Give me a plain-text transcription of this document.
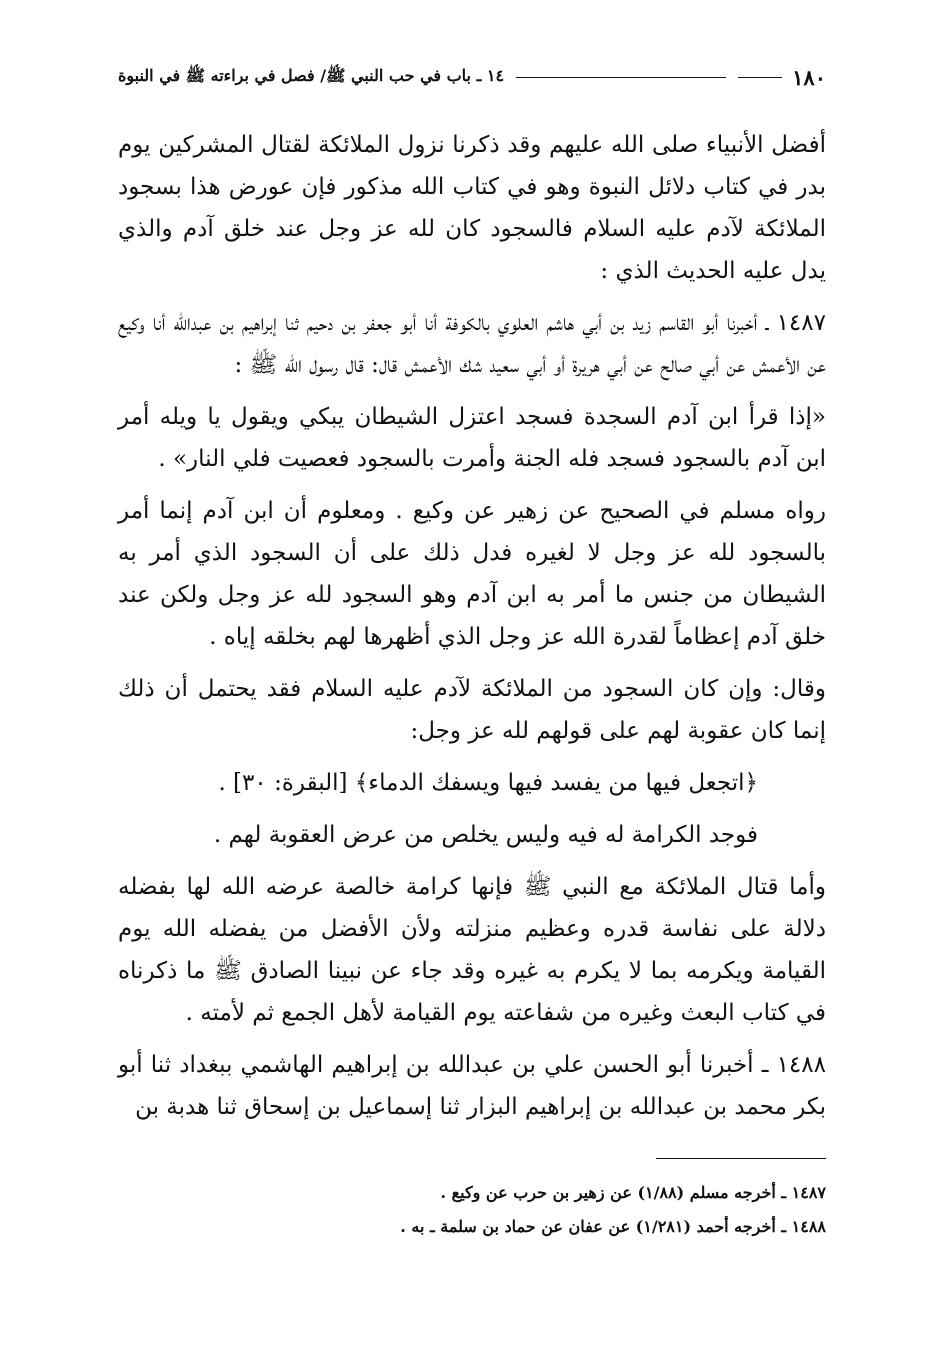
١٨٠
١٤ ـ باب في حب النبي ﷺ/ فصل في براءته ﷺ في النبوة

أفضل الأنبياء صلى الله عليهم وقد ذكرنا نزول الملائكة لقتال المشركين يوم بدر في كتاب دلائل النبوة وهو في كتاب الله مذكور فإن عورض هذا بسجود الملائكة لآدم عليه السلام فالسجود كان لله عز وجل عند خلق آدم والذي يدل عليه الحديث الذي :

١٤٨٧ ـ أخبرنا أبو القاسم زيد بن أبي هاشم العلوي بالكوفة أنا أبو جعفر بن دحيم ثنا إبراهيم بن عبدالله أنا وكيع عن الأعمش عن أبي صالح عن أبي هريرة أو أبي سعيد شك الأعمش قال: قال رسول الله ﷺ :

«إذا قرأ ابن آدم السجدة فسجد اعتزل الشيطان يبكي ويقول يا ويله أمر ابن آدم بالسجود فسجد فله الجنة وأمرت بالسجود فعصيت فلي النار» .

رواه مسلم في الصحيح عن زهير عن وكيع . ومعلوم أن ابن آدم إنما أمر بالسجود لله عز وجل لا لغيره فدل ذلك على أن السجود الذي أمر به الشيطان من جنس ما أمر به ابن آدم وهو السجود لله عز وجل ولكن عند خلق آدم إعظاماً لقدرة الله عز وجل الذي أظهرها لهم بخلقه إياه .

وقال: وإن كان السجود من الملائكة لآدم عليه السلام فقد يحتمل أن ذلك إنما كان عقوبة لهم على قولهم لله عز وجل:

﴿اتجعل فيها من يفسد فيها ويسفك الدماء﴾ [البقرة: ٣٠] .

فوجد الكرامة له فيه وليس يخلص من عرض العقوبة لهم .

وأما قتال الملائكة مع النبي ﷺ فإنها كرامة خالصة عرضه الله لها بفضله دلالة على نفاسة قدره وعظيم منزلته ولأن الأفضل من يفضله الله يوم القيامة ويكرمه بما لا يكرم به غيره وقد جاء عن نبينا الصادق ﷺ ما ذكرناه في كتاب البعث وغيره من شفاعته يوم القيامة لأهل الجمع ثم لأمته .

١٤٨٨ ـ أخبرنا أبو الحسن علي بن عبدالله بن إبراهيم الهاشمي ببغداد ثنا أبو بكر محمد بن عبدالله بن إبراهيم البزار ثنا إسماعيل بن إسحاق ثنا هدبة بن

١٤٨٧ ـ أخرجه مسلم (١/٨٨) عن زهير بن حرب عن وكيع .

١٤٨٨ ـ أخرجه أحمد (١/٢٨١) عن عفان عن حماد بن سلمة ـ به .
